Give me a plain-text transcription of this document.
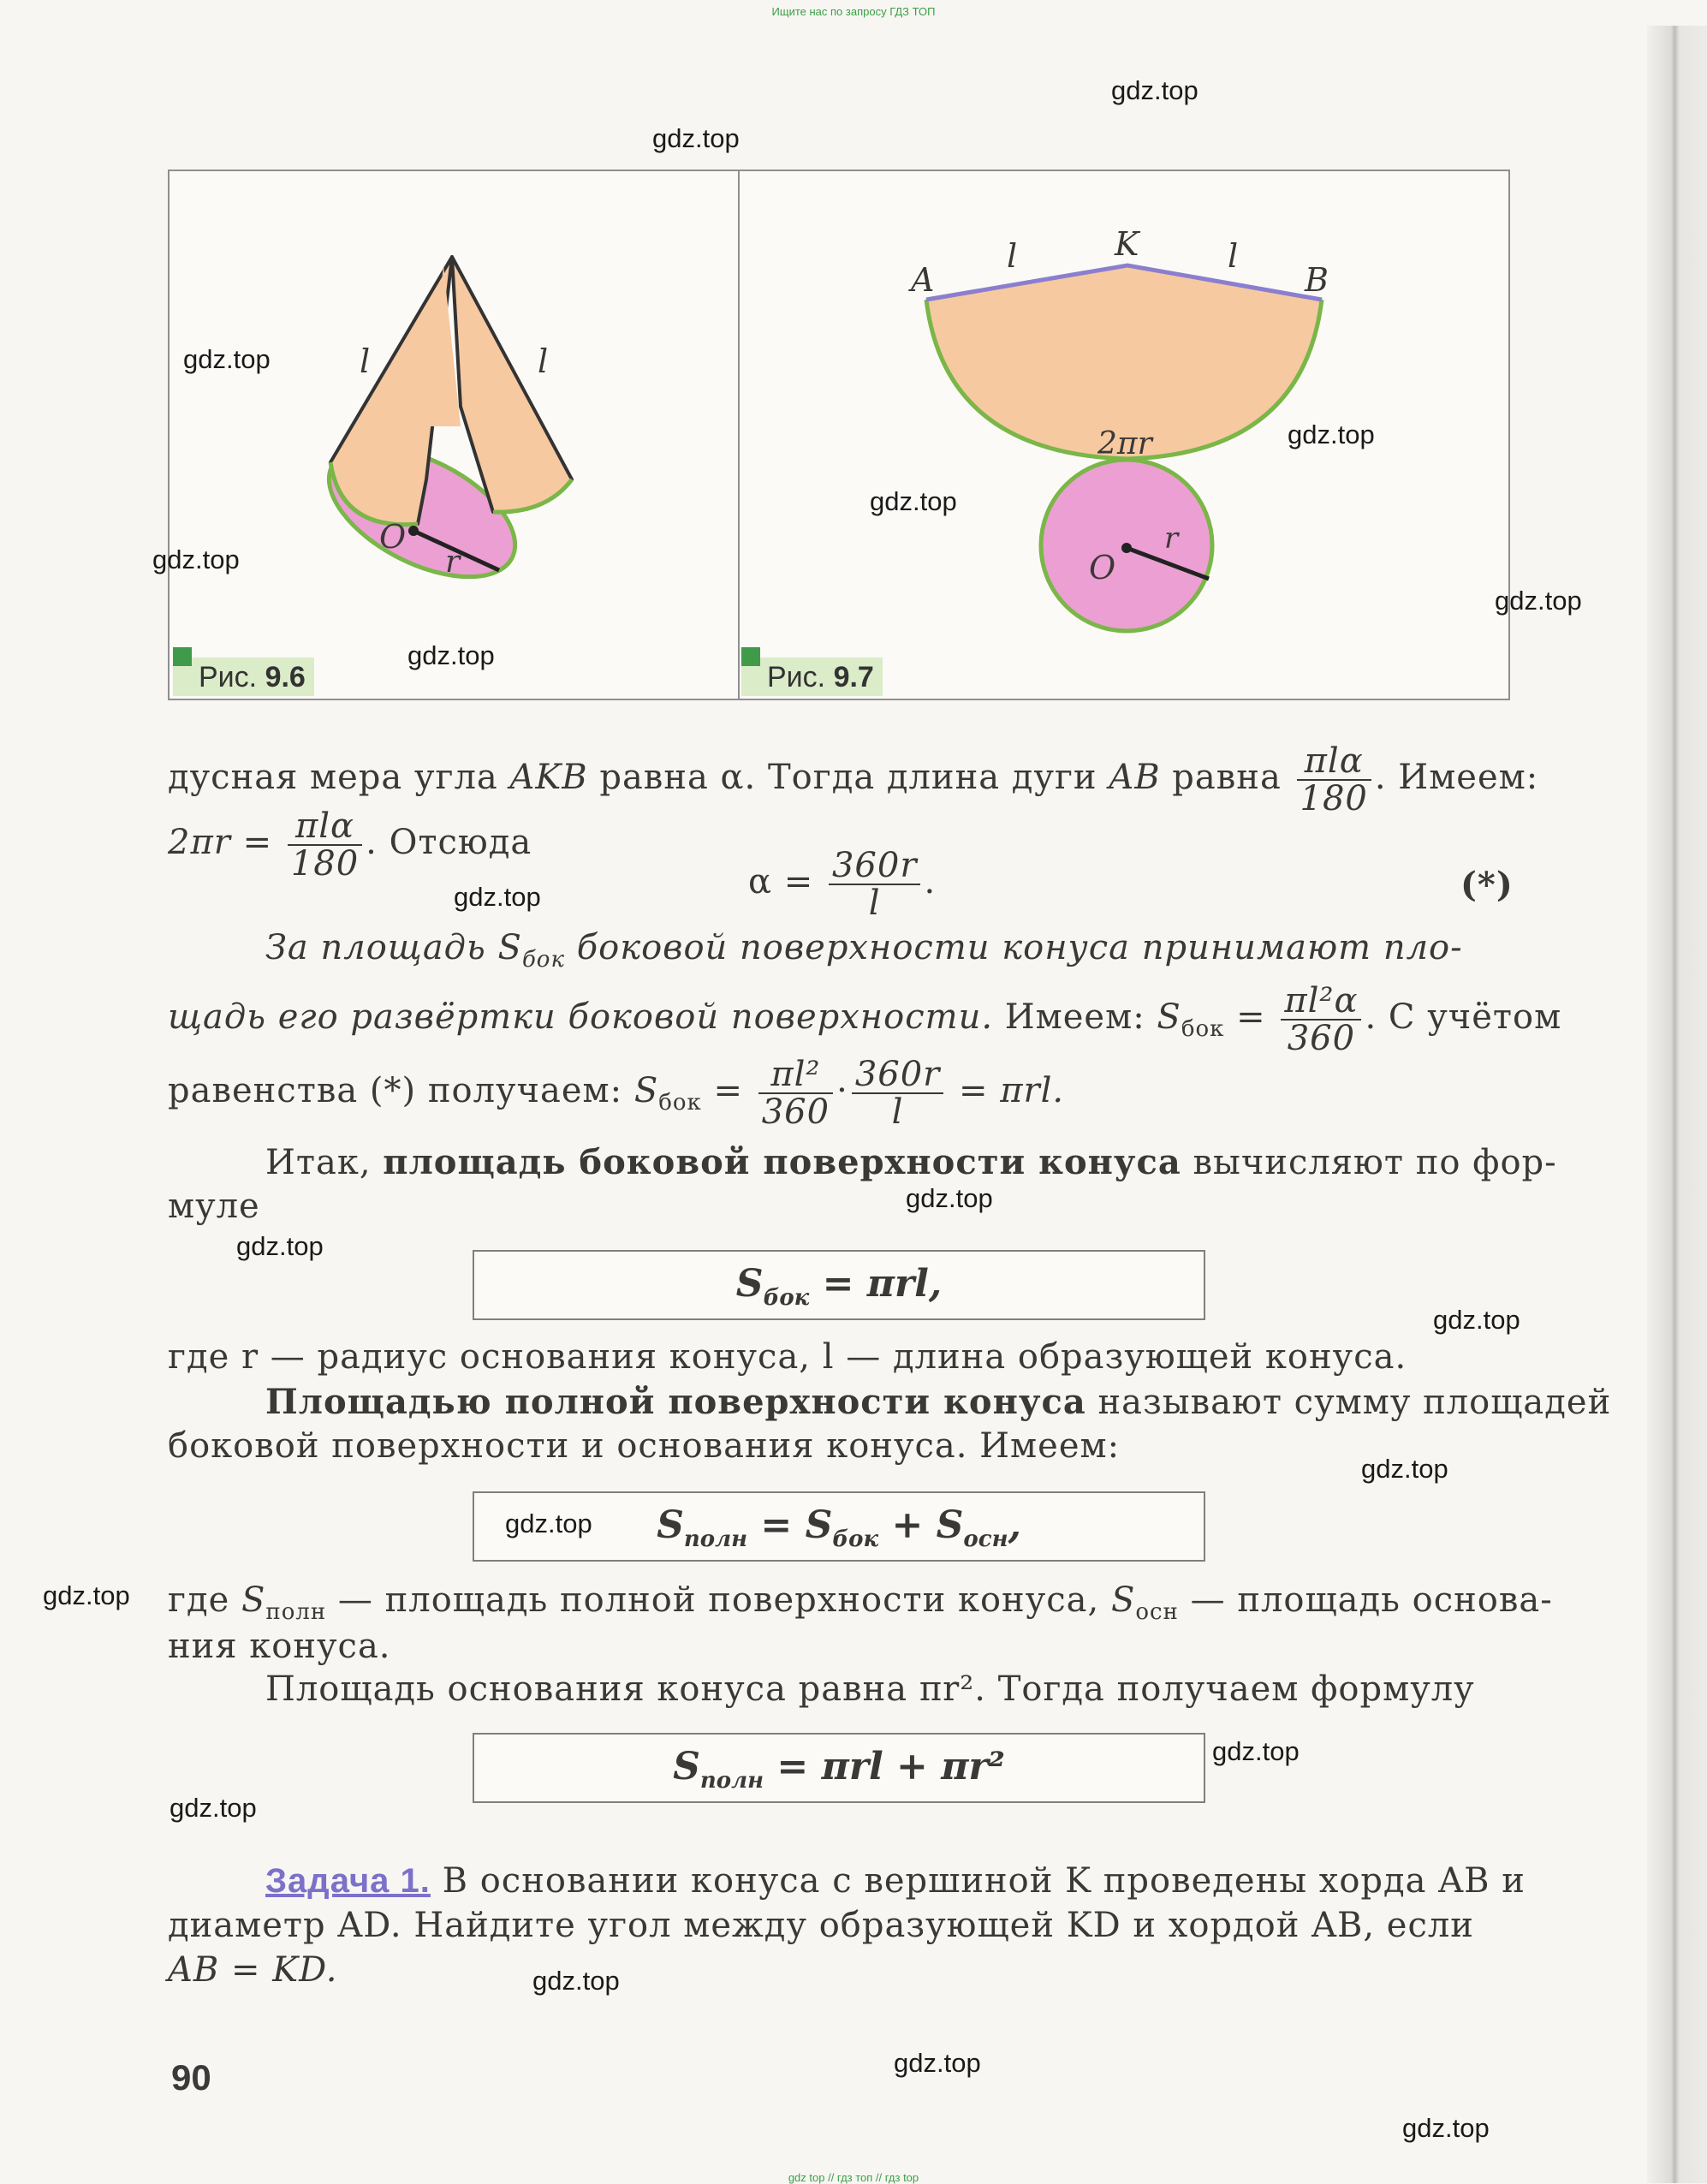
Ищите нас по запросу ГДЗ ТОП
l	l
O
r
Рис. 9.6
A
K
B
l	l
2πr
O
r
Рис. 9.7
дусная мера угла AKB равна α. Тогда длина дуги AB равна $\frac{\text{πlα}}{180}$ . Имеем:
$2\pi r = \frac{\text{πlα}}{180}$ . Отсюда
$\alpha = \frac{360r}{l}$ .	(*)
За площадь $S_{бок}$ боковой поверхности конуса принимают пло-
щадь его развёртки боковой поверхности. Имеем: $S_{бок} = \frac{\text{πl²α}}{360}$ . С учётом
равенства (*) получаем: $S_{бок} = \frac{\text{πl²}}{360} \cdot \frac{360r}{l} = \pi rl$.
Итак, площадь боковой поверхности конуса вычисляют по фор-
муле
$S_{бок} = \pi rl$,
где r — радиус основания конуса, l — длина образующей конуса.
Площадью полной поверхности конуса называют сумму площадей
боковой поверхности и основания конуса. Имеем:
$S_{полн} = S_{бок} + S_{осн}$,
где $S_{полн}$ — площадь полной поверхности конуса, $S_{осн}$ — площадь основа-
ния конуса.
Площадь основания конуса равна πr². Тогда получаем формулу
$S_{полн} = \pi rl + \pi r^2$
Задача 1. В основании конуса с вершиной K проведены хорда AB и
диаметр AD. Найдите угол между образующей KD и хордой AB, если
AB = KD.
90
gdz.top
gdz.top
gdz.top
gdz.top
gdz.top
gdz.top
gdz.top
gdz.top
gdz.top
gdz.top
gdz.top
gdz.top
gdz.top
gdz.top
gdz.top
gdz.top
gdz.top
gdz.top
gdz.top
gdz.top
gdz top // гдз топ // гдз top
